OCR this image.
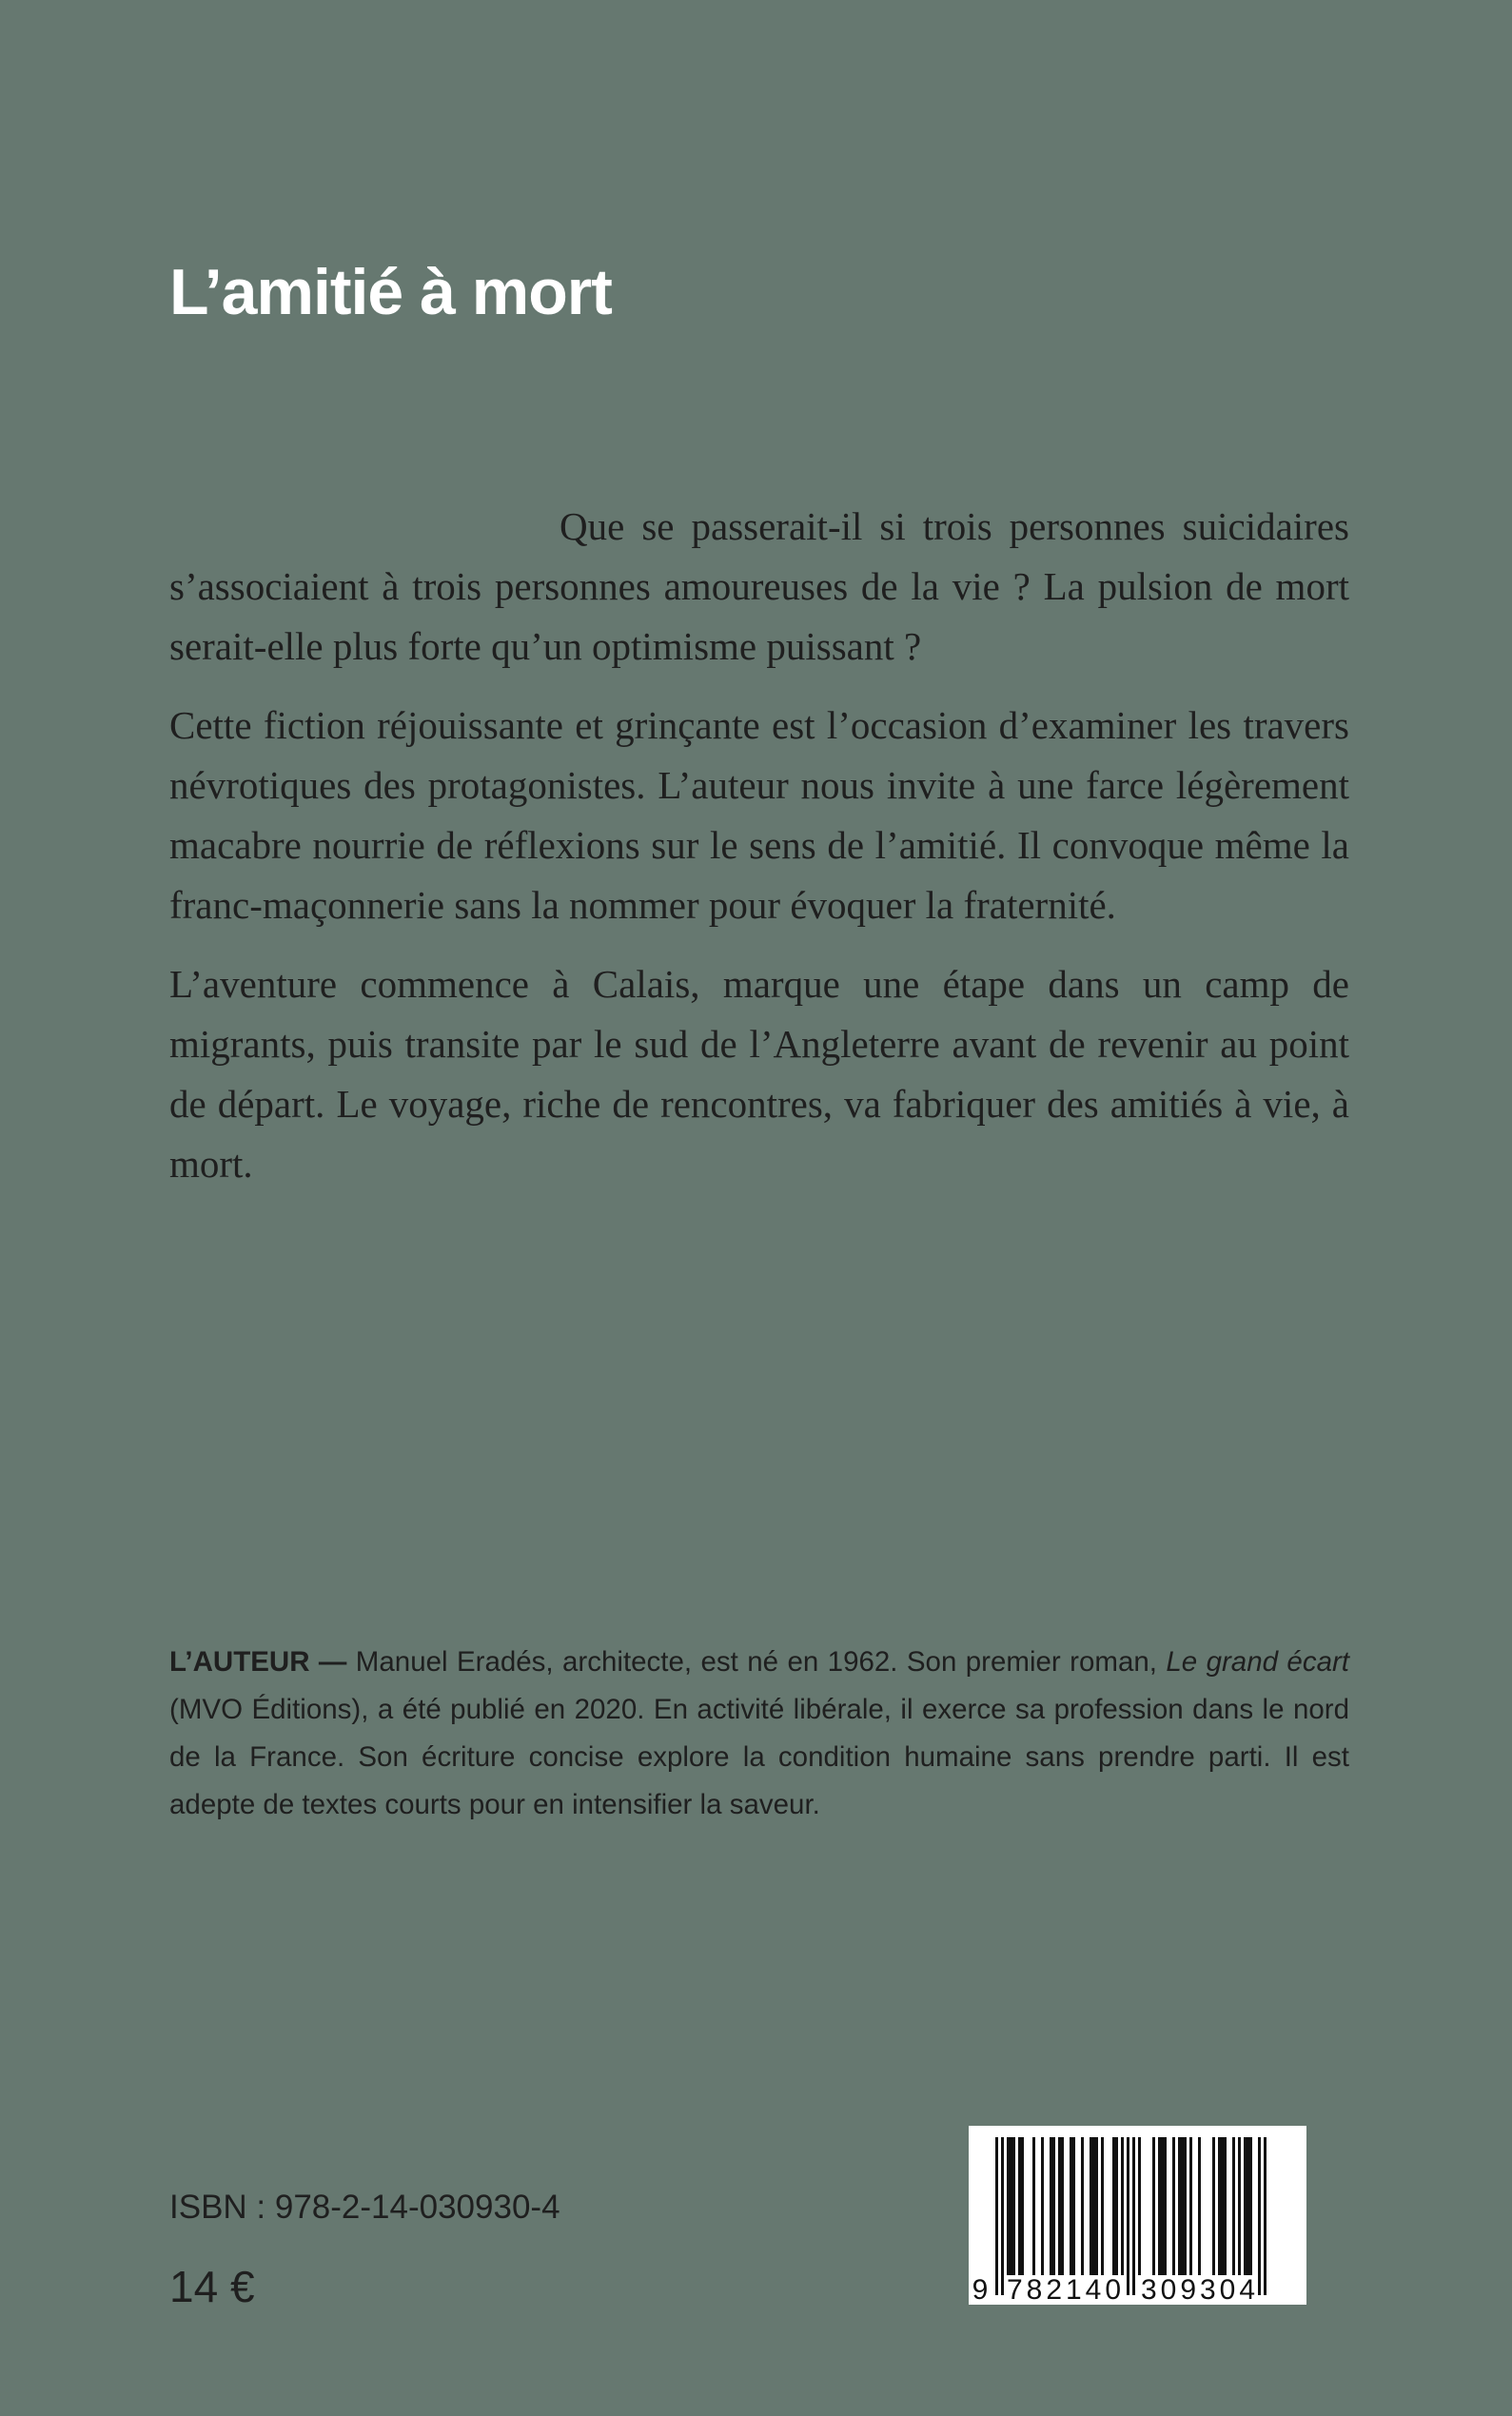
L’amitié à mort

Que se passerait-il si trois personnes suicidaires s’associaient à trois personnes amoureuses de la vie ? La pulsion de mort serait-elle plus forte qu’un optimisme puissant ?

Cette fiction réjouissante et grinçante est l’occasion d’examiner les travers névrotiques des protagonistes. L’auteur nous invite à une farce légèrement macabre nourrie de réflexions sur le sens de l’amitié. Il convoque même la franc-maçonnerie sans la nommer pour évoquer la fraternité.

L’aventure commence à Calais, marque une étape dans un camp de migrants, puis transite par le sud de l’Angleterre avant de revenir au point de départ. Le voyage, riche de rencontres, va fabriquer des amitiés à vie, à mort.

L’AUTEUR — Manuel Eradés, architecte, est né en 1962. Son premier roman, Le grand écart (MVO Éditions), a été publié en 2020. En activité libérale, il exerce sa profession dans le nord de la France. Son écriture concise explore la condition humaine sans prendre parti. Il est adepte de textes courts pour en intensifier la saveur.

ISBN : 978-2-14-030930-4
14 €	9 782140 309304
